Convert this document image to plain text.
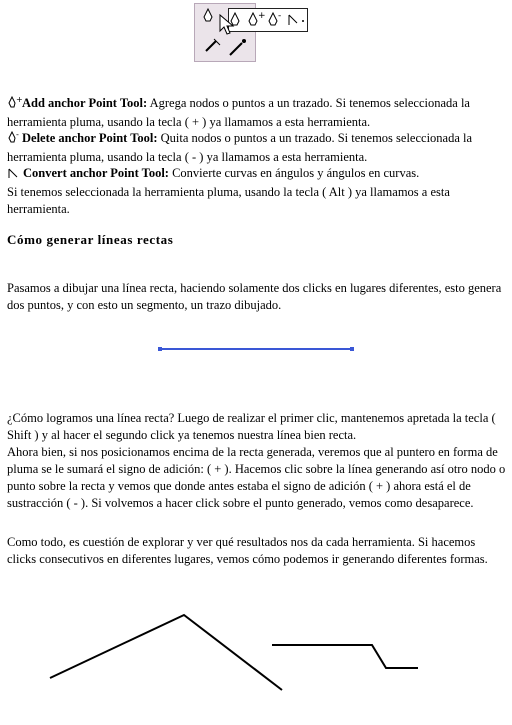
+ -
+ Add anchor Point Tool: Agrega nodos o puntos a un trazado. Si tenemos seleccionada la herramienta pluma, usando la tecla ( + ) ya llamamos a esta herramienta.
- Delete anchor Point Tool: Quita nodos o puntos a un trazado. Si tenemos seleccionada la herramienta pluma, usando la tecla ( - ) ya llamamos a esta herramienta.
Convert anchor Point Tool: Convierte curvas en ángulos y ángulos en curvas.
Si tenemos seleccionada la herramienta pluma, usando la tecla ( Alt ) ya llamamos a esta herramienta.
Cómo generar líneas rectas
Pasamos a dibujar una línea recta, haciendo solamente dos clicks en lugares diferentes, esto genera dos puntos, y con esto un segmento, un trazo dibujado.
¿Cómo logramos una línea recta? Luego de realizar el primer clic, mantenemos apretada la tecla ( Shift ) y al hacer el segundo click ya tenemos nuestra línea bien recta.
Ahora bien, si nos posicionamos encima de la recta generada, veremos que al puntero en forma de pluma se le sumará el signo de adición: ( + ). Hacemos clic sobre la línea generando así otro nodo o punto sobre la recta y vemos que donde antes estaba el signo de adición ( + ) ahora está el de sustracción ( - ). Si volvemos a hacer click sobre el punto generado, vemos como desaparece.
Como todo, es cuestión de explorar y ver qué resultados nos da cada herramienta. Si hacemos clicks consecutivos en diferentes lugares, vemos cómo podemos ir generando diferentes formas.
